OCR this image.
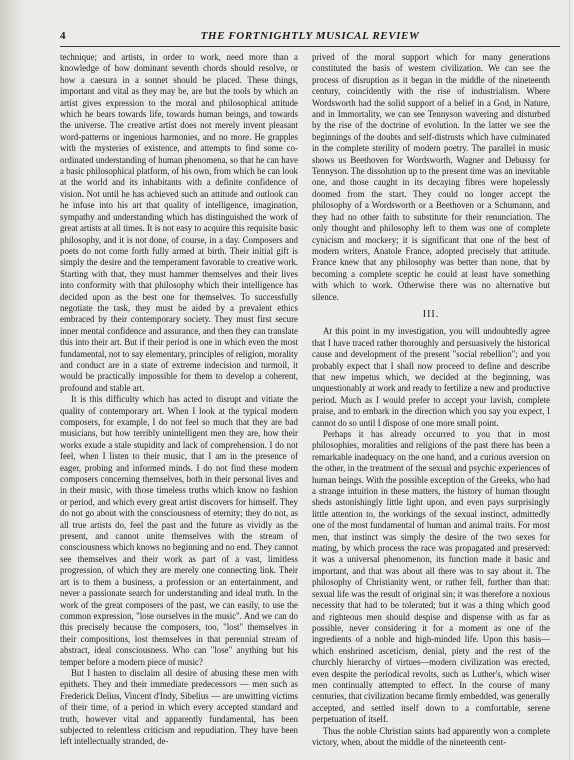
4	THE FORTNIGHTLY MUSICAL REVIEW

technique; and artists, in order to work, need more than a knowledge of how dominant seventh chords should resolve, or how a caesura in a sonnet should be placed. These things, important and vital as they may be, are but the tools by which an artist gives expression to the moral and philosophical attitude which he bears towards life, towards human beings, and towards the universe. The creative artist does not merely invent pleasant word-patterns or ingenious harmonies, and no more. He grapples with the mysteries of existence, and attempts to find some co-ordinated understanding of human phenomena, so that he can have a basic philosophical platform, of his own, from which he can look at the world and its inhabitants with a definite confidence of vision. Not until he has achieved such an attitude and outlook can he infuse into his art that quality of intelligence, imagination, sympathy and understanding which has distinguished the work of great artists at all times. It is not easy to acquire this requisite basic philosophy, and it is not done, of course, in a day. Composers and poets do not come forth fully armed at birth. Their initial gift is simply the desire and the temperament favorable to creative work. Starting with that, they must hammer themselves and their lives into conformity with that philosophy which their intelligence has decided upon as the best one for themselves. To successfully negotiate the task, they must be aided by a prevalent ethics embraced by their contemporary society. They must first secure inner mental confidence and assurance, and then they can translate this into their art. But if their period is one in which even the most fundamental, not to say elementary, principles of religion, morality and conduct are in a state of extreme indecision and turmoil, it would be practically impossible for them to develop a coherent, profound and stable art.

It is this difficulty which has acted to disrupt and vitiate the quality of contemporary art. When I look at the typical modern composers, for example, I do not feel so much that they are bad musicians, but how terribly unintelligent men they are, how their works exude a stale stupidity and lack of comprehension. I do not feel, when I listen to their music, that I am in the presence of eager, probing and informed minds. I do not find these modern composers concerning themselves, both in their personal lives and in their music, with those timeless truths which know no fashion or period, and which every great artist discovers for himself. They do not go about with the consciousness of eternity; they do not, as all true artists do, feel the past and the future as vividly as the present, and cannot unite themselves with the stream of consciousness which knows no beginning and no end. They cannot see themselves and their work as part of a vast, limitless progression, of which they are merely one connecting link. Their art is to them a business, a profession or an entertainment, and never a passionate search for understanding and ideal truth. In the work of the great composers of the past, we can easily, to use the common expression, "lose ourselves in the music". And we can do this precisely because the composers, too, "lost" themselves in their compositions, lost themselves in that perennial stream of abstract, ideal consciousness. Who can "lose" anything but his temper before a modern piece of music?

But I hasten to disclaim all desire of abusing these men with epithets. They and their immediate predecessors — men such as Frederick Delius, Vincent d'Indy, Sibelius — are unwitting victims of their time, of a period in which every accepted standard and truth, however vital and apparently fundamental, has been subjected to relentless criticism and repudiation. They have been left intellectually stranded, de-

prived of the moral support which for many generations constituted the basis of western civilization. We can see the process of disruption as it began in the middle of the nineteenth century, coincidently with the rise of industrialism. Where Wordsworth had the solid support of a belief in a God, in Nature, and in Immortality, we can see Tennyson wavering and disturbed by the rise of the doctrine of evolution. In the latter we see the beginnings of the doubts and self-distrusts which have culminated in the complete sterility of modern poetry. The parallel in music shows us Beethoven for Wordsworth, Wagner and Debussy for Tennyson. The dissolution up to the present time was an inevitable one, and those caught in its decaying fibres were hopelessly doomed from the start. They could no longer accept the philosophy of a Wordsworth or a Beethoven or a Schumann, and they had no other faith to substitute for their renunciation. The only thought and philosophy left to them was one of complete cynicism and mockery; it is significant that one of the best of modern writers, Anatole France, adopted precisely that attitude. France knew that any philosophy was better than none, that by becoming a complete sceptic he could at least have something with which to work. Otherwise there was no alternative but silence.

III.

At this point in my investigation, you will undoubtedly agree that I have traced rather thoroughly and persuasively the historical cause and development of the present "social rebellion"; and you probably expect that I shall now proceed to define and describe that new impetus which, we decided at the beginning, was unquestionably at work and ready to fertilize a new and productive period. Much as I would prefer to accept your lavish, complete praise, and to embark in the direction which you say you expect, I cannot do so until I dispose of one more small point.

Perhaps it has already occurred to you that in most philosophies, moralities and religions of the past there has been a remarkable inadequacy on the one hand, and a curious aversion on the other, in the treatment of the sexual and psychic experiences of human beings. With the possible exception of the Greeks, who had a strange intuition in these matters, the history of human thought sheds astonishingly little light upon, and even pays surprisingly little attention to, the workings of the sexual instinct, admittedly one of the most fundamental of human and animal traits. For most men, that instinct was simply the desire of the two sexes for mating, by which process the race was propagated and preserved: it was a universal phenomenon, its function made it basic and important, and that was about all there was to say about it. The philosophy of Christianity went, or rather fell, further than that: sexual life was the result of original sin; it was therefore a noxious necessity that had to be tolerated; but it was a thing which good and righteous men should despise and dispense with as far as possible, never considering it for a moment as one of the ingredients of a noble and high-minded life. Upon this basis—which enshrined asceticism, denial, piety and the rest of the churchly hierarchy of virtues—modern civilization was erected, even despite the periodical revolts, such as Luther's, which wiser men continually attempted to effect. In the course of many centuries, that civilization became firmly embedded, was generally accepted, and settled itself down to a comfortable, serene perpetuation of itself.

Thus the noble Christian saints had apparently won a complete victory, when, about the middle of the nineteenth cent-
